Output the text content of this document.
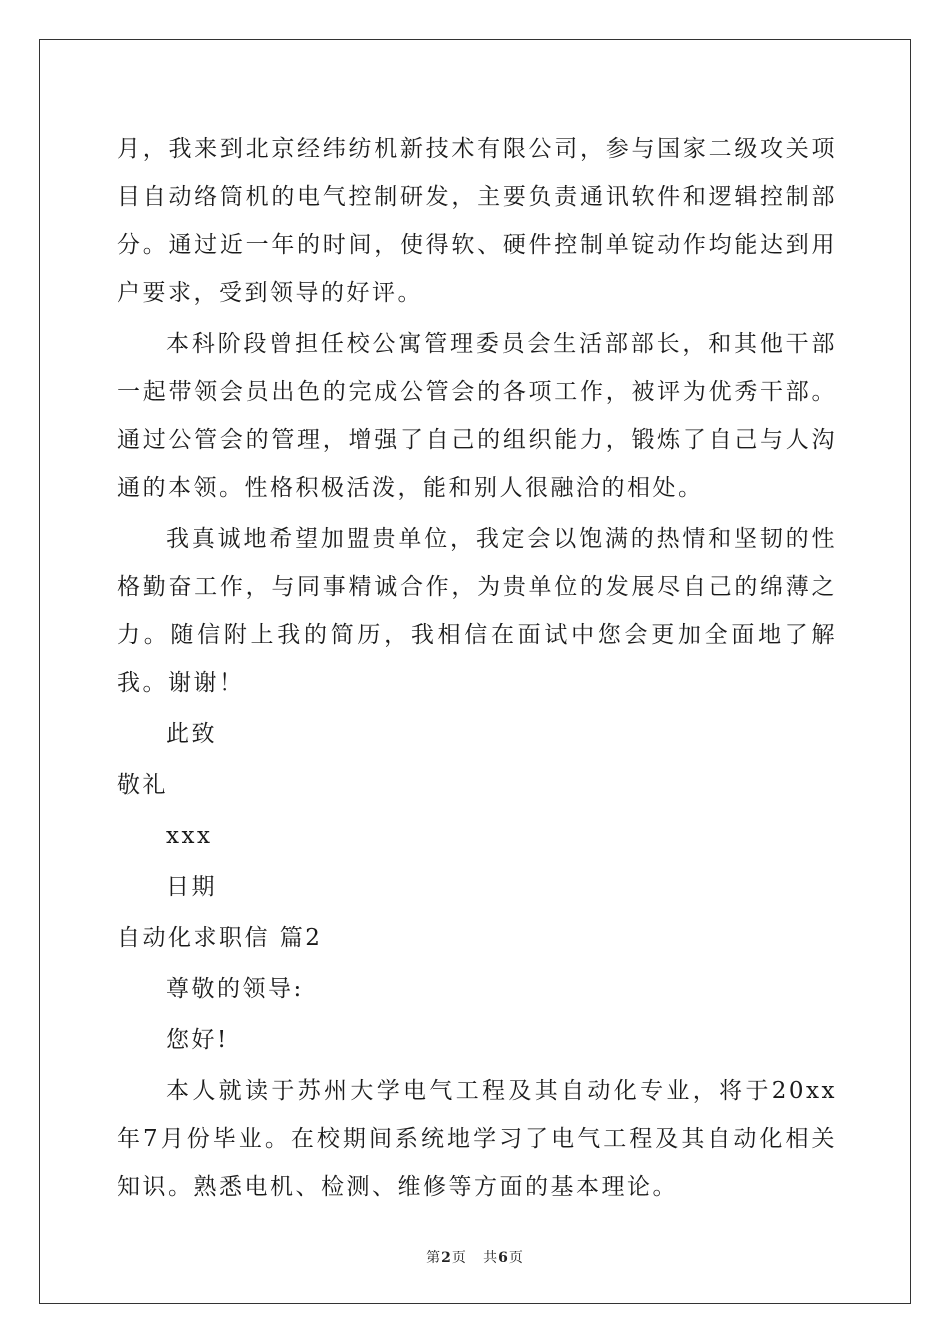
月，我来到北京经纬纺机新技术有限公司，参与国家二级攻关项目自动络筒机的电气控制研发，主要负责通讯软件和逻辑控制部分。通过近一年的时间，使得软、硬件控制单锭动作均能达到用户要求，受到领导的好评。

本科阶段曾担任校公寓管理委员会生活部部长，和其他干部一起带领会员出色的完成公管会的各项工作，被评为优秀干部。通过公管会的管理，增强了自己的组织能力，锻炼了自己与人沟通的本领。性格积极活泼，能和别人很融洽的相处。

我真诚地希望加盟贵单位，我定会以饱满的热情和坚韧的性格勤奋工作，与同事精诚合作，为贵单位的发展尽自己的绵薄之力。随信附上我的简历，我相信在面试中您会更加全面地了解我。谢谢！

此致
敬礼
xxx
日期
自动化求职信 篇2
尊敬的领导:
您好!

本人就读于苏州大学电气工程及其自动化专业，将于20xx年7月份毕业。在校期间系统地学习了电气工程及其自动化相关知识。熟悉电机、检测、维修等方面的基本理论。

第2页 共6页
